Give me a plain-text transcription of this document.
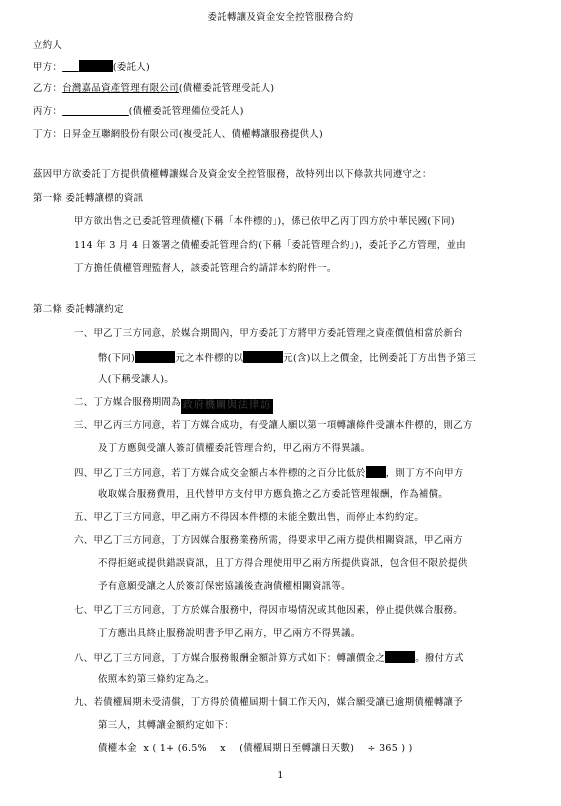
委託轉讓及資金安全控管服務合約
立約人
甲方：	(委託人)
乙方：台灣嘉品資產管理有限公司(債權委託管理受託人)
丙方：	(債權委託管理備位受託人)
丁方：日昇金互聯網股份有限公司(複受託人、債權轉讓服務提供人)
茲因甲方欲委託丁方提供債權轉讓媒合及資金安全控管服務，故特列出以下條款共同遵守之：
第一條 委託轉讓標的資訊
甲方欲出售之已委託管理債權(下稱「本件標的」)，係已依甲乙丙丁四方於中華民國(下同)
114 年 3 月 4 日簽署之債權委託管理合約(下稱「委託管理合約」)，委託予乙方管理，並由
丁方擔任債權管理監督人，該委託管理合約請詳本約附件一。
第二條 委託轉讓約定
一、甲乙丁三方同意，於媒合期間內，甲方委託丁方將甲方委託管理之資產價值相當於新台
幣(下同)	元之本件標的以	元(含)以上之價金，比例委託丁方出售予第三
人(下稱受讓人)。
二、丁方媒合服務期間為 政府機關與法律訪
三、甲乙丙三方同意，若丁方媒合成功，有受讓人願以第一項轉讓條件受讓本件標的，則乙方
及丁方應與受讓人簽訂債權委託管理合約，甲乙兩方不得異議。
四、甲乙丁三方同意，若丁方媒合成交金額占本件標的之百分比低於 ，則丁方不向甲方
收取媒合服務費用，且代替甲方支付甲方應負擔之乙方委託管理報酬，作為補償。
五、甲乙丁三方同意，甲乙兩方不得因本件標的未能全數出售，而停止本約約定。
六、甲乙丁三方同意，丁方因媒合服務業務所需，得要求甲乙兩方提供相關資訊，甲乙兩方
不得拒絕或提供錯誤資訊，且丁方得合理使用甲乙兩方所提供資訊，包含但不限於提供
予有意願受讓之人於簽訂保密協議後查詢債權相關資訊等。
七、甲乙丁三方同意，丁方於媒合服務中，得因市場情況或其他因素，停止提供媒合服務。
丁方應出具終止服務說明書予甲乙兩方，甲乙兩方不得異議。
八、甲乙丁三方同意，丁方媒合服務報酬金額計算方式如下：轉讓價金之	。撥付方式
依照本約第三條約定為之。
九、若債權屆期未受清償，丁方得於債權屆期十個工作天內，媒合願受讓已逾期債權轉讓予
第三人，其轉讓金額約定如下：
債權本金  x ( 1+ (6.5%    x    (債權屆期日至轉讓日天數)    ÷ 365 ) )
1
